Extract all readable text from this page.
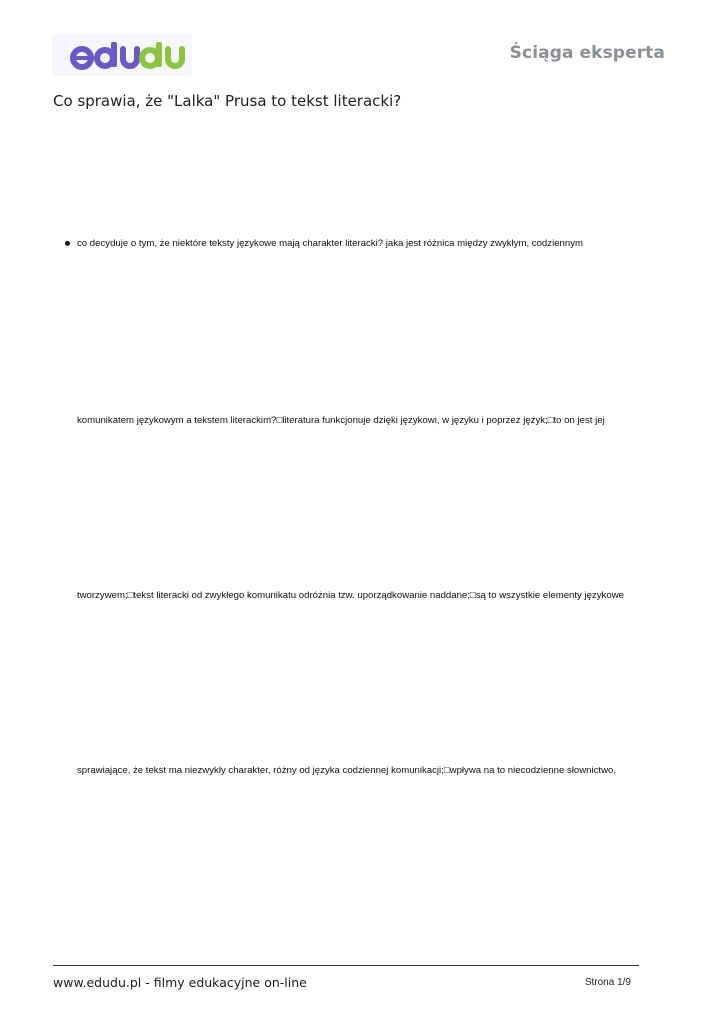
Ściąga eksperta
Co sprawia, że "Lalka" Prusa to tekst literacki?
co decyduje o tym, że niektóre teksty językowe mają charakter literacki? jaka jest różnica między zwykłym, codziennym
komunikatem językowym a tekstem literackim?□literatura funkcjonuje dzięki językowi, w języku i poprzez język;□to on jest jej
tworzywem;□tekst literacki od zwykłego komunikatu odróżnia tzw. uporządkowanie naddane;□są to wszystkie elementy językowe
sprawiające, że tekst ma niezwykły charakter, różny od języka codziennej komunikacji;□wpływa na to niecodzienne słownictwo,
www.edudu.pl - filmy edukacyjne on-line	Strona 1/9
